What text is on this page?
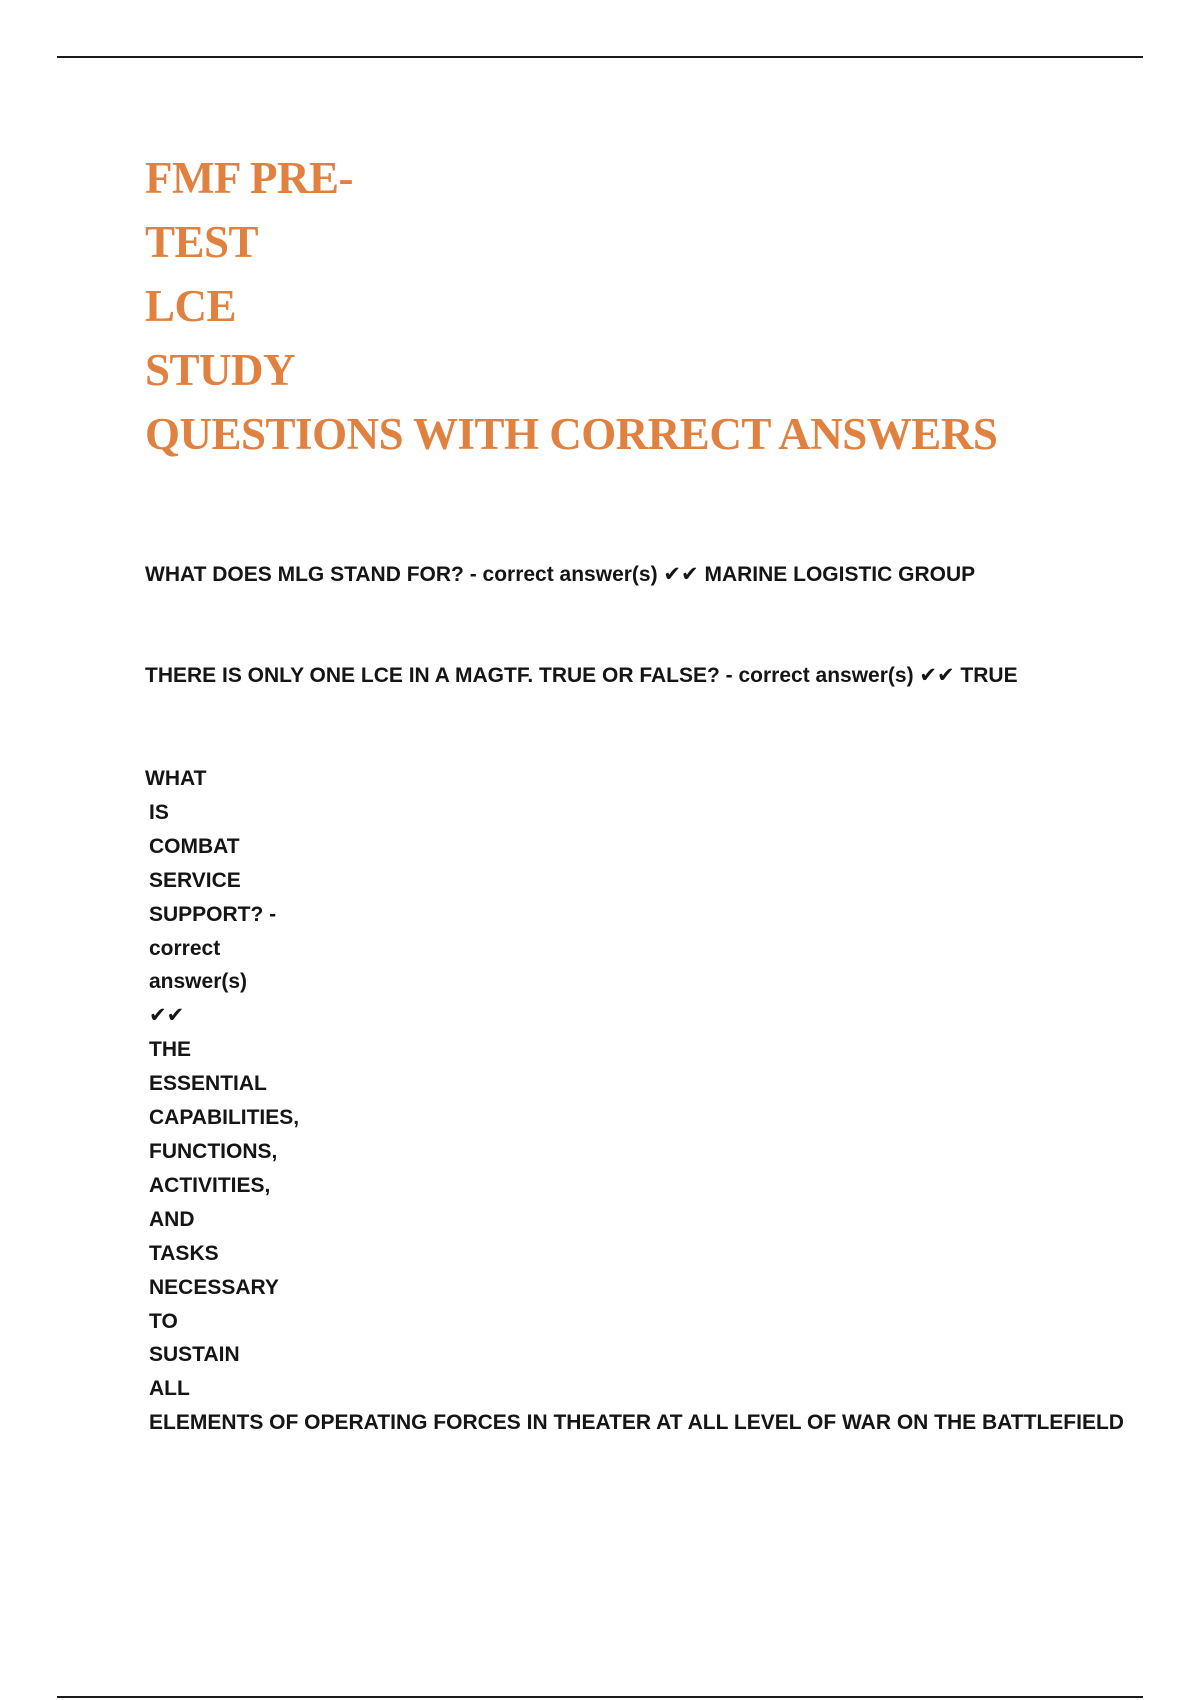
FMF PRE-
TEST
LCE
STUDY
QUESTIONS WITH CORRECT ANSWERS

WHAT DOES MLG STAND FOR? - correct answer(s) ✔✔ MARINE LOGISTIC GROUP

THERE IS ONLY ONE LCE IN A MAGTF. TRUE OR FALSE? - correct answer(s) ✔✔ TRUE

WHAT
IS
COMBAT
SERVICE
SUPPORT? -
correct
answer(s)
✔✔
THE
ESSENTIAL
CAPABILITIES,
FUNCTIONS,
ACTIVITIES,
AND
TASKS
NECESSARY
TO
SUSTAIN
ALL
ELEMENTS OF OPERATING FORCES IN THEATER AT ALL LEVEL OF WAR ON THE BATTLEFIELD
